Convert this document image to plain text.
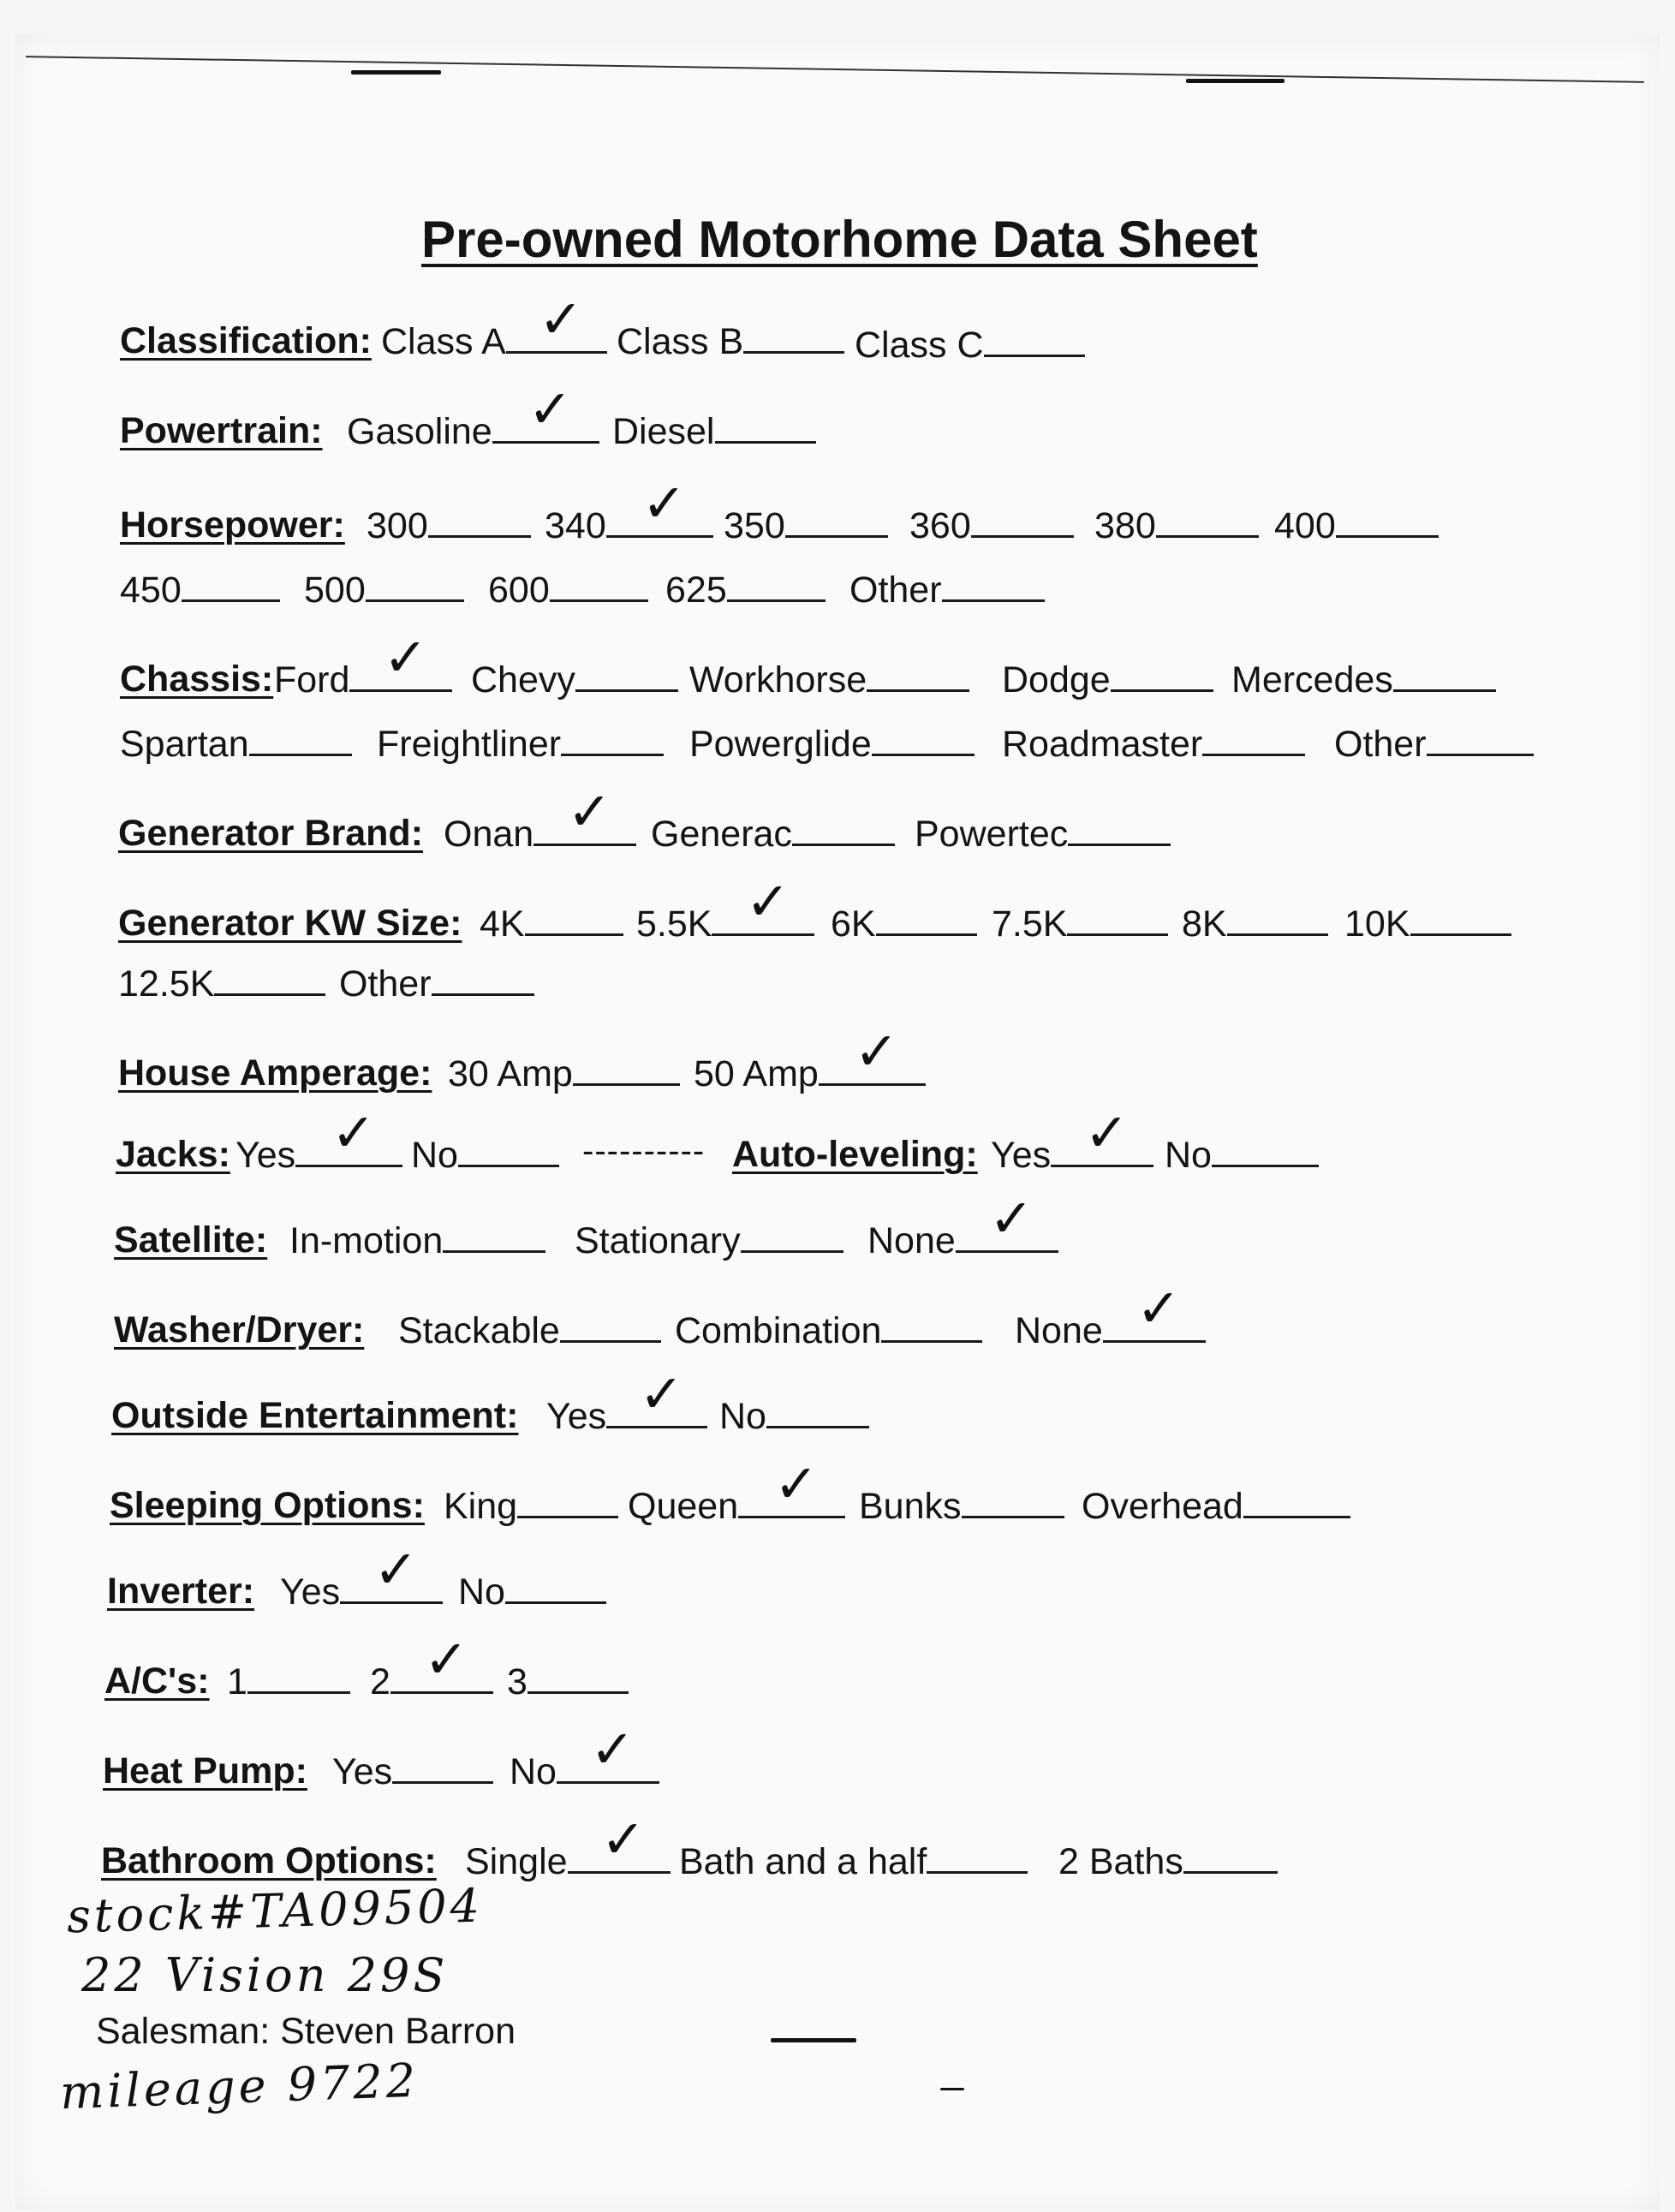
Pre-owned Motorhome Data Sheet
Classification: Class A ✓ Class B	Class C
Powertrain: Gasoline ✓ Diesel
Horsepower: 300	340 ✓ 350	360	380	400
450	500	600	625	Other
Chassis: Ford ✓ Chevy	Workhorse	Dodge	Mercedes
Spartan	Freightliner	Powerglide	Roadmaster	Other
Generator Brand: Onan ✓ Generac	Powertec
Generator KW Size: 4K	5.5K ✓ 6K	7.5K	8K	10K
12.5K	Other
House Amperage: 30 Amp	50 Amp ✓
Jacks: Yes ✓ No	---------- Auto-leveling: Yes ✓ No
Satellite: In-motion	Stationary	None ✓
Washer/Dryer: Stackable	Combination	None ✓
Outside Entertainment: Yes ✓ No
Sleeping Options: King	Queen ✓ Bunks	Overhead
Inverter: Yes ✓ No
A/C's: 1	2 ✓ 3
Heat Pump: Yes	No ✓
Bathroom Options: Single ✓ Bath and a half	2 Baths
stock#TA09504
22 Vision 29S
Salesman: Steven Barron
mileage 9722
